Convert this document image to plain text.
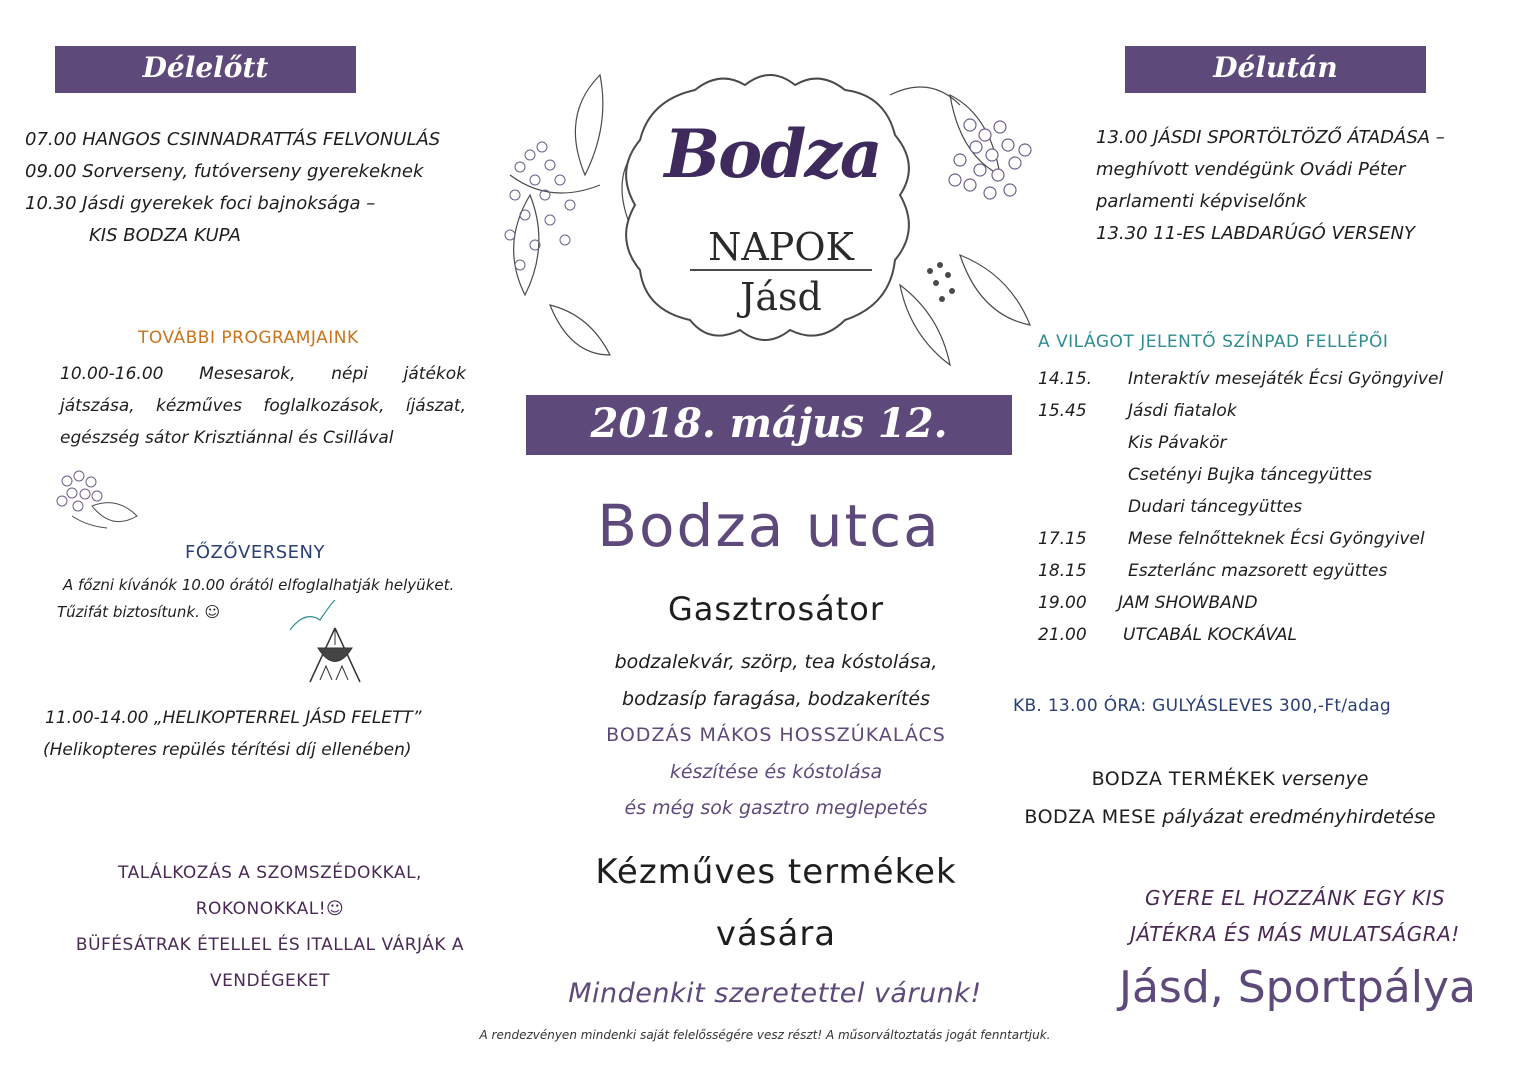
Délelőtt	Délután
07.00 HANGOS CSINNADRATTÁS FELVONULÁS
09.00 Sorverseny, futóverseny gyerekeknek
10.30 Jásdi gyerekek foci bajnoksága –
KIS BODZA KUPA
13.00 JÁSDI SPORTÖLTÖZŐ ÁTADÁSA –
meghívott vendégünk Ovádi Péter
parlamenti képviselőnk
13.30 11-ES LABDARÚGÓ VERSENY
Bodza
NAPOK
Jásd
TOVÁBBI PROGRAMJAINK
10.00-16.00 Mesesarok, népi játékok
játszása, kézműves foglalkozások, íjászat,
egészség sátor Krisztiánnal és Csillával
FŐZŐVERSENY
A főzni kívánók 10.00 órától elfoglalhatják helyüket.
Tűzifát biztosítunk. ☺
11.00-14.00 „HELIKOPTERREL JÁSD FELETT”
(Helikopteres repülés térítési díj ellenében)
TALÁLKOZÁS A SZOMSZÉDOKKAL,
ROKONOKKAL!☺
BÜFÉSÁTRAK ÉTELLEL ÉS ITALLAL VÁRJÁK A
VENDÉGEKET
2018. május 12.
Bodza utca
Gasztrosátor
bodzalekvár, szörp, tea kóstolása,
bodzasíp faragása, bodzakerítés
BODZÁS MÁKOS HOSSZÚKALÁCS
készítése és kóstolása
és még sok gasztro meglepetés
Kézműves termékek
vására
Mindenkit szeretettel várunk!
A rendezvényen mindenki saját felelősségére vesz részt! A műsorváltoztatás jogát fenntartjuk.
A VILÁGOT JELENTŐ SZÍNPAD FELLÉPŐI
14.15.	Interaktív mesejáték Écsi Gyöngyivel
15.45	Jásdi fiatalok
Kis Pávakör
Csetényi Bujka táncegyüttes
Dudari táncegyüttes
17.15	Mese felnőtteknek Écsi Gyöngyivel
18.15	Eszterlánc mazsorett együttes
19.00	JAM SHOWBAND
21.00	UTCABÁL KOCKÁVAL
KB. 13.00 ÓRA: GULYÁSLEVES 300,-Ft/adag
BODZA TERMÉKEK versenye
BODZA MESE pályázat eredményhirdetése
GYERE EL HOZZÁNK EGY KIS
JÁTÉKRA ÉS MÁS MULATSÁGRA!
Jásd, Sportpálya
